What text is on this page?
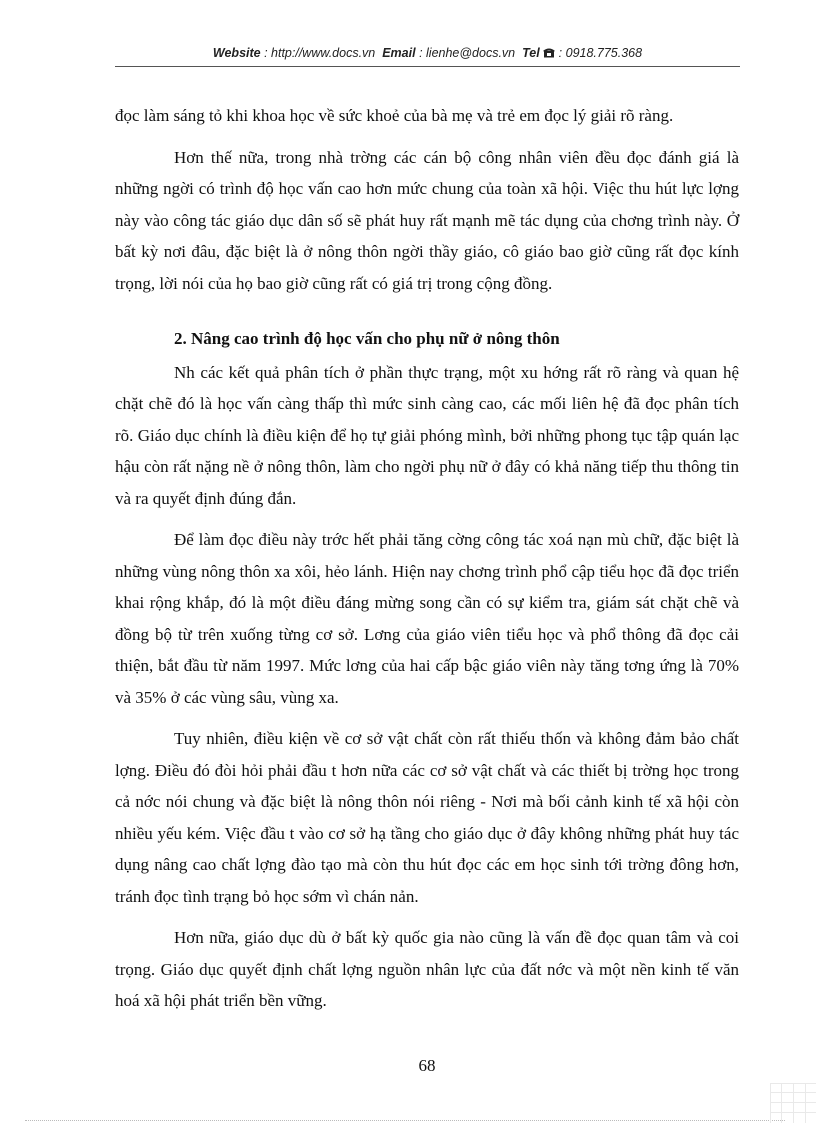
Website : http://www.docs.vn Email : lienhe@docs.vn Tel : 0918.775.368

đọc làm sáng tỏ khi khoa học về sức khoẻ của bà mẹ và trẻ em đọc lý giải rõ ràng.

Hơn thế nữa, trong nhà trờng các cán bộ công nhân viên đều đọc đánh giá là những ngời có trình độ học vấn cao hơn mức chung của toàn xã hội. Việc thu hút lực lợng này vào công tác giáo dục dân số sẽ phát huy rất mạnh mẽ tác dụng của chơng trình này. Ở bất kỳ nơi đâu, đặc biệt là ở nông thôn ngời thầy giáo, cô giáo bao giờ cũng rất đọc kính trọng, lời nói của họ bao giờ cũng rất có giá trị trong cộng đồng.

2. Nâng cao trình độ học vấn cho phụ nữ ở nông thôn

Nh các kết quả phân tích ở phần thực trạng, một xu hớng rất rõ ràng và quan hệ chặt chẽ đó là học vấn càng thấp thì mức sinh càng cao, các mối liên hệ đã đọc phân tích rõ. Giáo dục chính là điều kiện để họ tự giải phóng mình, bởi những phong tục tập quán lạc hậu còn rất nặng nề ở nông thôn, làm cho ngời phụ nữ ở đây có khả năng tiếp thu thông tin và ra quyết định đúng đắn.

Để làm đọc điều này trớc hết phải tăng cờng công tác xoá nạn mù chữ, đặc biệt là những vùng nông thôn xa xôi, hẻo lánh. Hiện nay chơng trình phổ cập tiểu học đã đọc triển khai rộng khắp, đó là một điều đáng mừng song cần có sự kiểm tra, giám sát chặt chẽ và đồng bộ từ trên xuống từng cơ sở. Lơng của giáo viên tiểu học và phổ thông đã đọc cải thiện, bắt đầu từ năm 1997. Mức lơng của hai cấp bậc giáo viên này tăng tơng ứng là 70% và 35% ở các vùng sâu, vùng xa.

Tuy nhiên, điều kiện về cơ sở vật chất còn rất thiếu thốn và không đảm bảo chất lợng. Điều đó đòi hỏi phải đầu t hơn nữa các cơ sở vật chất và các thiết bị trờng học trong cả nớc nói chung và đặc biệt là nông thôn nói riêng - Nơi mà bối cảnh kinh tế xã hội còn nhiều yếu kém. Việc đầu t vào cơ sở hạ tầng cho giáo dục ở đây không những phát huy tác dụng nâng cao chất lợng đào tạo mà còn thu hút đọc các em học sinh tới trờng đông hơn, tránh đọc tình trạng bỏ học sớm vì chán nản.

Hơn nữa, giáo dục dù ở bất kỳ quốc gia nào cũng là vấn đề đọc quan tâm và coi trọng. Giáo dục quyết định chất lợng nguồn nhân lực của đất nớc và một nền kinh tế văn hoá xã hội phát triển bền vững.

68
